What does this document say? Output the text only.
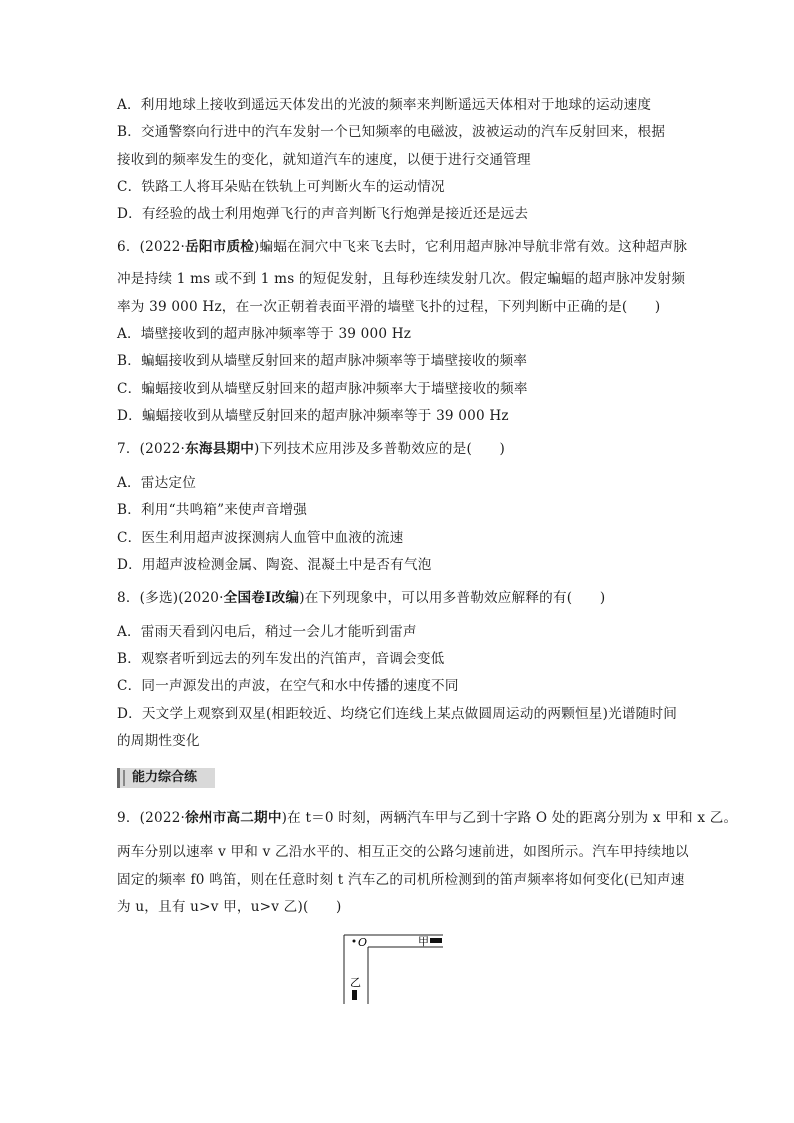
A．利用地球上接收到遥远天体发出的光波的频率来判断遥远天体相对于地球的运动速度
B．交通警察向行进中的汽车发射一个已知频率的电磁波，波被运动的汽车反射回来，根据
接收到的频率发生的变化，就知道汽车的速度，以便于进行交通管理
C．铁路工人将耳朵贴在铁轨上可判断火车的运动情况
D．有经验的战士利用炮弹飞行的声音判断飞行炮弹是接近还是远去
6．(2022·岳阳市质检)蝙蝠在洞穴中飞来飞去时，它利用超声脉冲导航非常有效。这种超声脉
冲是持续 1 ms 或不到 1 ms 的短促发射，且每秒连续发射几次。假定蝙蝠的超声脉冲发射频
率为 39 000 Hz，在一次正朝着表面平滑的墙壁飞扑的过程，下列判断中正确的是(　　)
A．墙壁接收到的超声脉冲频率等于 39 000 Hz
B．蝙蝠接收到从墙壁反射回来的超声脉冲频率等于墙壁接收的频率
C．蝙蝠接收到从墙壁反射回来的超声脉冲频率大于墙壁接收的频率
D．蝙蝠接收到从墙壁反射回来的超声脉冲频率等于 39 000 Hz
7．(2022·东海县期中)下列技术应用涉及多普勒效应的是(　　)
A．雷达定位
B．利用“共鸣箱”来使声音增强
C．医生利用超声波探测病人血管中血液的流速
D．用超声波检测金属、陶瓷、混凝土中是否有气泡
8．(多选)(2020·全国卷Ⅰ改编)在下列现象中，可以用多普勒效应解释的有(　　)
A．雷雨天看到闪电后，稍过一会儿才能听到雷声
B．观察者听到远去的列车发出的汽笛声，音调会变低
C．同一声源发出的声波，在空气和水中传播的速度不同
D．天文学上观察到双星(相距较近、均绕它们连线上某点做圆周运动的两颗恒星)光谱随时间
的周期性变化
能力综合练
9．(2022·徐州市高二期中)在 t＝0 时刻，两辆汽车甲与乙到十字路 O 处的距离分别为 x 甲和 x 乙。
两车分别以速率 v 甲和 v 乙沿水平的、相互正交的公路匀速前进，如图所示。汽车甲持续地以
固定的频率 f0 鸣笛，则在任意时刻 t 汽车乙的司机所检测到的笛声频率将如何变化(已知声速
为 u，且有 u>v 甲，u>v 乙)(　　)
O	甲
乙
